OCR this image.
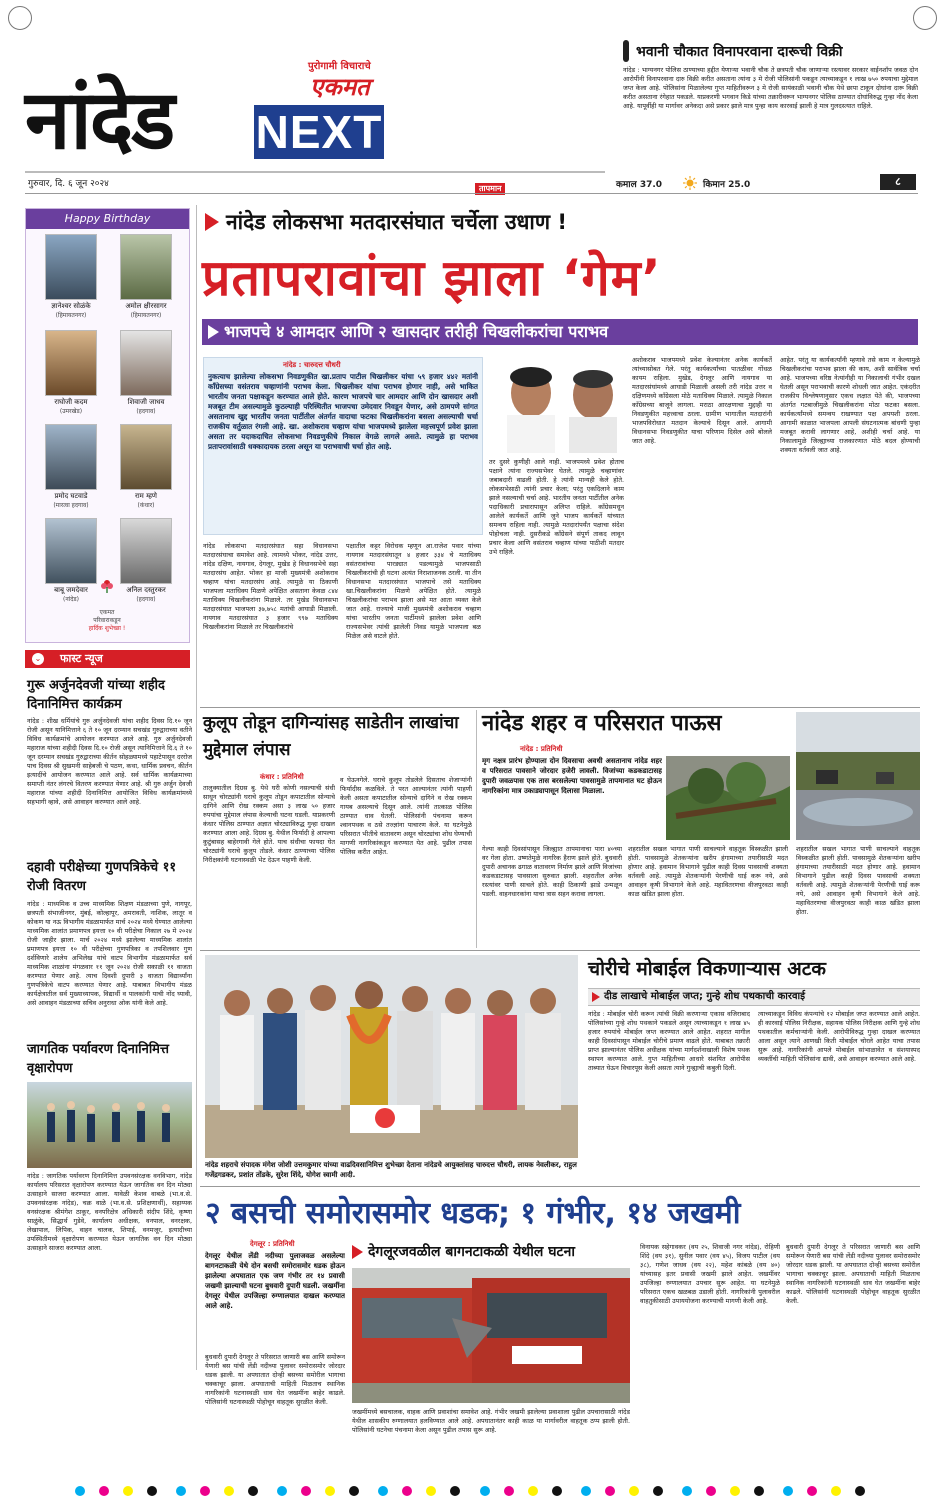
नांदेड
पुरोगामी विचाराचे
एकमत
NEXT
गुरुवार, दि. ६ जून २०२४	तापमान	कमाल 37.0	किमान 25.0	८
भवानी चौकात विनापरवाना दारूची विक्री
नांदेड : भाग्यनगर पोलिस ठाण्याच्या हद्दीत येणाऱ्या भवानी चौक ते छत्रपती चौक जाणाऱ्या रस्त्यावर सरकार वाईनशॉप जवळ दोन आरोपींनी विनापरवाना दारु विक्री करीत असताना त्यांना ३ मे रोजी पोलिसांनी पकडून त्याच्याकडून १ लाख ७५० रुपयाचा मुद्देमाल जप्त केला आहे. पोलिसांना मिळालेल्या गुप्त माहितीवरून ३ मे रोजी सायंकाळी भवानी चौक येथे छापा टाकून दोघांना दारू विक्री करीत असताना रंगेहात पकडले. याप्रकरणी भगवान किडे यांच्या तक्रारीवरून भाग्यनगर पोलिस ठाण्यात दोघांविरुद्ध गुन्हा नोंद केला आहे. यापूर्वीही या मार्गावर अनेकदा असे प्रकार झाले मात्र पुन्हा काय कारवाई झाली हे मात्र गुलदस्त्यात राहिले.
Happy Birthday
ज्ञानेश्वर सोळंके
(हिमायतनगर)
अमोल क्षीरसागर
(हिमायतनगर)
राघोजी कदम
(उमरखेड)
शिवाजी जाधव
(हदगाव)
प्रमोद घटवाडे
(मारत्वा हदगाव)
राम म्हणे
(कंधार)
बाबू जमदेवार
(नांदेड)
अनिल दस्तुरकर
(हदगाव)
एकमत
परिवाराकडून
हार्दिक शुभेच्छा !
⌄ फास्ट न्यूज
गुरू अर्जुनदेवजी यांच्या शहीद दिनानिमित्त कार्यक्रम
नांदेड : शीख धर्मियांचे गुरु अर्जुनदेवजी यांचा शहीद दिवस दि.१० जून रोजी असून यानिमित्ताने ६ ते १० जून दरम्यान सचखंड गुरुद्वाराच्या वतीने विविध कार्यक्रमांचे आयोजन करण्यात आले आहे. गुरु अर्जुनदेवजी महाराज यांच्या शहीदी दिवस दि.१० रोजी असून त्यानिमित्ताने दि.६ ते १० जून दरम्यान सचखंड गुरुद्वाराच्या कीर्तन सोहळ्यामध्ये पहाटेपासून दररोज पाच दिवस श्री सुखमनी साहेबजी चे पठण, कथा, धार्मिक प्रवचन, कीर्तन इत्यादींचे आयोजन करण्यात आले आहे. सर्व धार्मिक कार्यक्रमाच्या समाप्ती नंतर लंगरचे वितरण करण्यात येणार आहे. श्री गुरु अर्जुन देवजी महाराज यांच्या शहीदी दिनानिमित्त आयोजित विविध कार्यक्रमांमध्ये सहभागी व्हावे, असे आवाहन करण्यात आले आहे.
दहावी परीक्षेच्या गुणपत्रिकेचे ११ रोजी वितरण
नांदेड : माध्यमिक व उच्च माध्यमिक शिक्षण मंडळाच्या पुणे, नागपूर, छत्रपती संभाजीनगर, मुंबई, कोल्हापूर, अमरावती, नाशिक, लातूर व कोकण या नऊ विभागीय मंडळामार्फत मार्च २०२४ मध्ये घेण्यात आलेल्या माध्यमिक शालांत प्रमाणपत्र इयत्ता १० वी परीक्षेचा निकाल २७ मे २०२४ रोजी जाहीर झाला. मार्च २०२४ मध्ये झालेल्या माध्यमिक शालांत प्रमाणपत्र इयत्ता १० वी परीक्षेच्या गुणपत्रिका व तपशिलवार गुण दर्शविणारे शालेय अभिलेख यांचे वाटप विभागीय मंडळामार्फत सर्व माध्यमिक शाळांना मंगळवार ११ जून २०२४ रोजी सकाळी ११ वाजता करण्यात येणार आहे. त्याच दिवशी दुपारी ३ वाजता विद्यार्थ्यांना गुणपत्रिकेचे वाटप करण्यात येणार आहे. याबाबत विभागीय मंडळ कार्यक्षेत्रातील सर्व मुख्याध्यापक, विद्यार्थी व पालकांनी याची नोंद घ्यावी, असे आवाहन मंडळाच्या सचिव अनुराधा ओक यांनी केले आहे.
जागतिक पर्यावरण दिनानिमित्त वृक्षारोपण
नांदेड : जागतिक पर्यावरण दिनानिमित्त उपवनसंरक्षक वनविभाग, नांदेड कार्यालय परिसरात वृक्षारोपण करण्यात येऊन जागतिक वन दिन मोठ्या उत्साहाने साजरा करण्यात आला. यावेळी केशव वाबळे (भा.व.से. उपवनसंरक्षक नांदेड), चक्र वाळे (भा.व.से. प्रशिक्षणार्थी), सहाय्यक वनसंरक्षक श्रीमंगेश ठाकूर, वनपरिक्षेत्र अधिकारी संदीप शिंदे, कृष्णा साळुंके, सिद्धार्थ गुडेवे, कार्यालय अधीक्षक, वनपाल, वनरक्षक, लेखापाल, लिपिक, वाहन चालक, शिपाई, वनमजूर, इत्यादीच्या उपस्थितीमध्ये वृक्षारोपण करण्यात येऊन जागतिक वन दिन मोठ्या उत्साहाने साजरा करण्यात आला.
नांदेड लोकसभा मतदारसंघात चर्चेला उधाण !
प्रतापरावांचा झाला ‘गेम’
भाजपचे ४ आमदार आणि २ खासदार तरीही चिखलीकरांचा पराभव
नांदेड : चारुदत्त चौधरी
नुकत्याच झालेल्या लोकसभा निवडणुकीत खा.प्रताप पाटील चिखलीकर यांचा ५९ हजार ४४२ मतांनी काँग्रेसच्या वसंतराव चव्हाणांनी पराभव केला. चिखलीकर यांचा पराभव होणार नाही, असे भाकित भारतीय जनता पक्षाकडून करण्यात आले होते. कारण भाजपचे चार आमदार आणि दोन खासदार अशी मजबूत टीम असल्यामुळे कुठल्याही परिस्थितीत भाजपचा उमेदवार निवडून येणार, असे ठामपणे सांगत असतानाच खुद्द भारतीय जनता पार्टीतील अंतर्गत वादाचा फटका चिखलीकरांना बसला असल्याची चर्चा राजकीय वर्तुळात रंगली आहे. खा. अशोकराव चव्हाण यांचा भाजपमध्ये झालेला महत्त्वपूर्ण प्रवेश झाला असता तर यदाकदाचित लोकसभा निवडणुकीचे निकाल वेगळे लागले असते. त्यामुळे हा पराभव प्रतापरावांसाठी धक्कादायक ठरला असून या पराभवाची चर्चा होत आहे.
नांदेड लोकसभा मतदारसंघात सहा विधानसभा मतदारसंघाचा समावेश आहे. त्यामध्ये भोकर, नांदेड उत्तर, नांदेड दक्षिण, नायगाव, देगलूर, मुखेड हे विधानसभेचे सहा मतदारसंघ आहेत. भोकर हा माजी मुख्यमंत्री अशोकराव चव्हाण यांचा मतदारसंघ आहे. त्यामुळे या ठिकाणी भाजपला मताधिक्य मिळणे अपेक्षित असताना केवळ ८४४ मताधिक्य चिखलीकरांना मिळाले. तर मुखेड विधानसभा मतदारसंघात भाजपला ३७,७५८ मतांची आघाडी मिळाली. नायगाव मतदारसंघात ३ हजार ९९७ मताधिक्य चिखलीकरांना मिळाले तर चिखलीकरांचे
पक्षातील कट्टर विरोधक म्हणून आ.राजेश पवार यांच्या नायगाव मतदारसंघातून ४ हजार ३३४ चे मताधिक्य वसंतरावांच्या पारड्यात पडल्यामुळे भाजपसाठी चिखलीकरांची ही घटना अत्यंत निराशाजनक ठरली. या तीन विधानसभा मतदारसंघात भाजपाचे तसे मताधिक्य खा.चिखलीकरांना मिळणे अपेक्षित होते. त्यामुळे चिखलीकरांचा पराभव झाला असे मत आता व्यक्त केले जात आहे. राज्याचे माजी मुख्यमंत्री अशोकराव चव्हाण यांचा भारतीय जनता पार्टीमध्ये झालेला प्रवेश आणि राज्यसभेवर त्यांची झालेली निवड यामुळे भाजपला बळ मिळेल असे वाटले होते.
तर दुसरे कुणीही आले नाही. भाजपमध्ये प्रवेश होताच पक्षाने त्यांना राज्यसभेवर घेतले. त्यामुळे चव्हाणांवर जबाबदारी वाढली होती. हे त्यांनी मान्यही केले होते. लोकसभेसाठी त्यांनी प्रचार केला; परंतु एकदिलाने काम झाले नसल्याची चर्चा आहे. भारतीय जनता पार्टीतील अनेक पदाधिकारी प्रचारापासून अलिप्त राहिले. काँग्रेसमधून आलेले कार्यकर्ते आणि जुने भाजप कार्यकर्ते यांच्यात समन्वय राहिला नाही. त्यामुळे मतदारांपर्यंत पक्षाचा संदेश पोहोचला नाही. दुसरीकडे काँग्रेसने संपूर्ण ताकद लावून प्रचार केला आणि वसंतराव चव्हाण यांच्या पाठीशी मतदार उभे राहिले.
अशोकराव भाजपमध्ये प्रवेश केल्यानंतर अनेक कार्यकर्ते त्यांच्यासोबत गेले. परंतु कार्यकर्त्यांच्या पातळीवर गोंधळ कायम राहिला. मुखेड, देगलूर आणि नायगाव या मतदारसंघांमध्ये आघाडी मिळाली असली तरी नांदेड उत्तर व दक्षिणमध्ये काँग्रेसला मोठे मताधिक्य मिळाले. त्यामुळे निकाल काँग्रेसच्या बाजूने लागला. मराठा आरक्षणाचा मुद्दाही या निवडणुकीत महत्त्वाचा ठरला. ग्रामीण भागातील मतदारांनी भाजपविरोधात मतदान केल्याचे दिसून आले. आगामी विधानसभा निवडणुकीत याचा परिणाम दिसेल असे बोलले जात आहे.
आहेत. परंतु या कार्यकर्त्यांनी म्हणावे तसे काम न केल्यामुळे चिखलीकरांचा पराभव झाला की काय, अशी सार्वत्रिक चर्चा आहे. भाजपच्या वरिष्ठ नेत्यांनीही या निकालाची गंभीर दखल घेतली असून पराभवाची कारणे शोधली जात आहेत. एकंदरीत राजकीय विश्लेषणानुसार एकच लक्षात येते की, भाजपच्या अंतर्गत गटबाजीमुळे चिखलीकरांना मोठा फटका बसला. कार्यकर्त्यांमध्ये समन्वय राखण्यात पक्ष अपयशी ठरला. आगामी काळात भाजपला आपली संघटनात्मक बांधणी पुन्हा मजबूत करावी लागणार आहे, अशीही चर्चा आहे. या निकालामुळे जिल्ह्याच्या राजकारणात मोठे बदल होण्याची शक्यता वर्तवली जात आहे.
कुलूप तोडून दागिन्यांसह साडेतीन लाखांचा मुद्देमाल लंपास
कंधार : प्रतिनिधी
तालुक्यातील दिग्रस बु. येथे घरी कोणी नसल्याची संधी साधून चोरट्यांनी घराचे कुलूप तोडून कपाटातील सोन्याचे दागिने आणि रोख रक्कम असा ३ लाख ५० हजार रुपयांचा मुद्देमाल लंपास केल्याची घटना घडली. याप्रकरणी कंधार पोलिस ठाण्यात अज्ञात चोरट्याविरुद्ध गुन्हा दाखल करण्यात आला आहे. दिग्रस बु. येथील फिर्यादी हे आपल्या कुटुंबासह बाहेरगावी गेले होते. याच संधीचा फायदा घेत चोरट्यांनी घराचे कुलूप तोडले. कंधार ठाण्याच्या पोलिस निरीक्षकांनी घटनास्थळी भेट देऊन पाहणी केली.
व घेऊनगेले. घराचे कुलूप तोडलेले दिसताच शेजाऱ्यांनी फिर्यादीस कळविले. ते परत आल्यानंतर त्यांनी पाहणी केली असता कपाटातील सोन्याचे दागिने व रोख रक्कम गायब असल्याचे दिसून आले. त्यांनी तात्काळ पोलिस ठाण्यात धाव घेतली. पोलिसांनी पंचनामा करून श्वानपथक व ठसे तज्ज्ञांना पाचारण केले. या घटनेमुळे परिसरात भीतीचे वातावरण असून चोरट्यांचा शोध घेण्याची मागणी नागरिकांकडून करण्यात येत आहे. पुढील तपास पोलिस करीत आहेत.
नांदेड शहर व परिसरात पाऊस
नांदेड : प्रतिनिधी
मृग नक्षत्र प्रारंभ होण्याला दोन दिवसाचा अवधी असतानाच नांदेड शहर व परिसरात पावसाने जोरदार हजेरी लावली. विजांच्या कडकडाटासह दुपारी जवळपास एक तास बरसलेल्या पावसामुळे तापमानात घट होऊन नागरिकांना मात्र उकाड्यापासून दिलासा मिळाला.
गेल्या काही दिवसांपासून जिल्ह्यात तापमानाचा पारा ४०च्या वर गेला होता. उष्णतेमुळे नागरिक हैराण झाले होते. बुधवारी दुपारी अचानक ढगाळ वातावरण निर्माण झाले आणि विजांच्या कडकडाटासह पावसाला सुरुवात झाली. शहरातील अनेक रस्त्यांवर पाणी साचले होते. काही ठिकाणी झाडे उन्मळून पडली. वाहनधारकांना याचा त्रास सहन करावा लागला.
शहरातील सखल भागात पाणी साचल्याने वाहतूक विस्कळीत झाली होती. पावसामुळे शेतकऱ्यांना खरीप हंगामाच्या तयारीसाठी मदत होणार आहे. हवामान विभागाने पुढील काही दिवस पावसाची शक्यता वर्तवली आहे. त्यामुळे शेतकऱ्यांनी पेरणीची घाई करू नये, असे आवाहन कृषी विभागाने केले आहे. महावितरणचा वीजपुरवठा काही काळ खंडित झाला होता.
शहरातील सखल भागात पाणी साचल्याने वाहतूक विस्कळीत झाली होती. पावसामुळे शेतकऱ्यांना खरीप हंगामाच्या तयारीसाठी मदत होणार आहे. हवामान विभागाने पुढील काही दिवस पावसाची शक्यता वर्तवली आहे. त्यामुळे शेतकऱ्यांनी पेरणीची घाई करू नये, असे आवाहन कृषी विभागाने केले आहे. महावितरणचा वीजपुरवठा काही काळ खंडित झाला होता.
नांदेड शहराचे संपादक मंगेश जोशी उत्तमकुमार यांच्या वाढदिवसानिमित्त शुभेच्छा देताना नांदेडचे आयुक्तांसह चारुदत्त चौधरी, लायक नेवलीकर, राहुल गजेंद्रगडकर, प्रशांत तोंडके, सुरेश शिंदे, योगेश स्वामी आदी.
चोरीचे मोबाईल विकणाऱ्यास अटक
दीड लाखाचे मोबाईल जप्त; गुन्हे शोध पथकाची कारवाई
नांदेड : मोबाईल चोरी करून त्यांची विक्री करणाऱ्या एकास वजिराबाद पोलिसांच्या गुन्हे शोध पथकाने पकडले असून त्याच्याकडून १ लाख ४५ हजार रुपयांचे मोबाईल जप्त करण्यात आले आहेत. शहरात मागील काही दिवसांपासून मोबाईल चोरीचे प्रमाण वाढले होते. याबाबत तक्रारी प्राप्त झाल्यानंतर पोलिस अधीक्षक यांच्या मार्गदर्शनाखाली विशेष पथक स्थापन करण्यात आले. गुप्त माहितीच्या आधारे संशयित आरोपीस ताब्यात घेऊन विचारपूस केली असता त्याने गुन्ह्याची कबुली दिली.
त्याच्याकडून विविध कंपन्यांचे १२ मोबाईल जप्त करण्यात आले आहेत. ही कारवाई पोलिस निरीक्षक, सहायक पोलिस निरीक्षक आणि गुन्हे शोध पथकातील कर्मचाऱ्यांनी केली. आरोपीविरुद्ध गुन्हा दाखल करण्यात आला असून त्याने आणखी किती मोबाईल चोरले आहेत याचा तपास सुरू आहे. नागरिकांनी आपले मोबाईल सांभाळावेत व संशयास्पद व्यक्तींची माहिती पोलिसांना द्यावी, असे आवाहन करण्यात आले आहे.
२ बसची समोरासमोर धडक; १ गंभीर, १४ जखमी
देगलूर : प्रतिनिधी
देगलूर येथील लेंडी नदीच्या पुलाजवळ असलेल्या बागनटाकळी येथे दोन बसची समोरासमोर धडक होऊन झालेल्या अपघातात एक जण गंभीर तर १४ प्रवासी जखमी झाल्याची घटना बुधवारी दुपारी घडली. जखमींना देगलूर येथील उपजिल्हा रुग्णालयात दाखल करण्यात आले आहे.
बुधवारी दुपारी देगलूर ते परिसरात जाणारी बस आणि समोरून येणारी बस यांची लेंडी नदीच्या पुलावर समोरासमोर जोरदार धडक झाली. या अपघातात दोन्ही बसच्या समोरील भागाचा चक्काचूर झाला. अपघाताची माहिती मिळताच स्थानिक नागरिकांनी घटनास्थळी धाव घेत जखमींना बाहेर काढले. पोलिसांनी घटनास्थळी पोहोचून वाहतूक सुरळीत केली.
देगलूरजवळील बागनटाकळी येथील घटना
जखमींमध्ये बसचालक, वाहक आणि प्रवाशांचा समावेश आहे. गंभीर जखमी झालेल्या प्रवाशाला पुढील उपचारासाठी नांदेड येथील शासकीय रुग्णालयात हलविण्यात आले आहे. अपघातानंतर काही काळ या मार्गावरील वाहतूक ठप्प झाली होती. पोलिसांनी घटनेचा पंचनामा केला असून पुढील तपास सुरू आहे.
विनायक सहेगावकर (वय २५, शिवाजी नगर नांदेड), रोहिणी शिंदे (वय ३१), सुनील पवार (वय ४५), विजय पाटील (वय ३८), गणेश जाधव (वय २२), महेश कांबळे (वय ४०) यांच्यासह इतर प्रवासी जखमी झाले आहेत. जखमींवर उपजिल्हा रुग्णालयात उपचार सुरू आहेत. या घटनेमुळे परिसरात एकच खळबळ उडाली होती. नागरिकांनी पुलावरील वाहतुकीसाठी उपाययोजना करण्याची मागणी केली आहे.
बुधवारी दुपारी देगलूर ते परिसरात जाणारी बस आणि समोरून येणारी बस यांची लेंडी नदीच्या पुलावर समोरासमोर जोरदार धडक झाली. या अपघातात दोन्ही बसच्या समोरील भागाचा चक्काचूर झाला. अपघाताची माहिती मिळताच स्थानिक नागरिकांनी घटनास्थळी धाव घेत जखमींना बाहेर काढले. पोलिसांनी घटनास्थळी पोहोचून वाहतूक सुरळीत केली.
